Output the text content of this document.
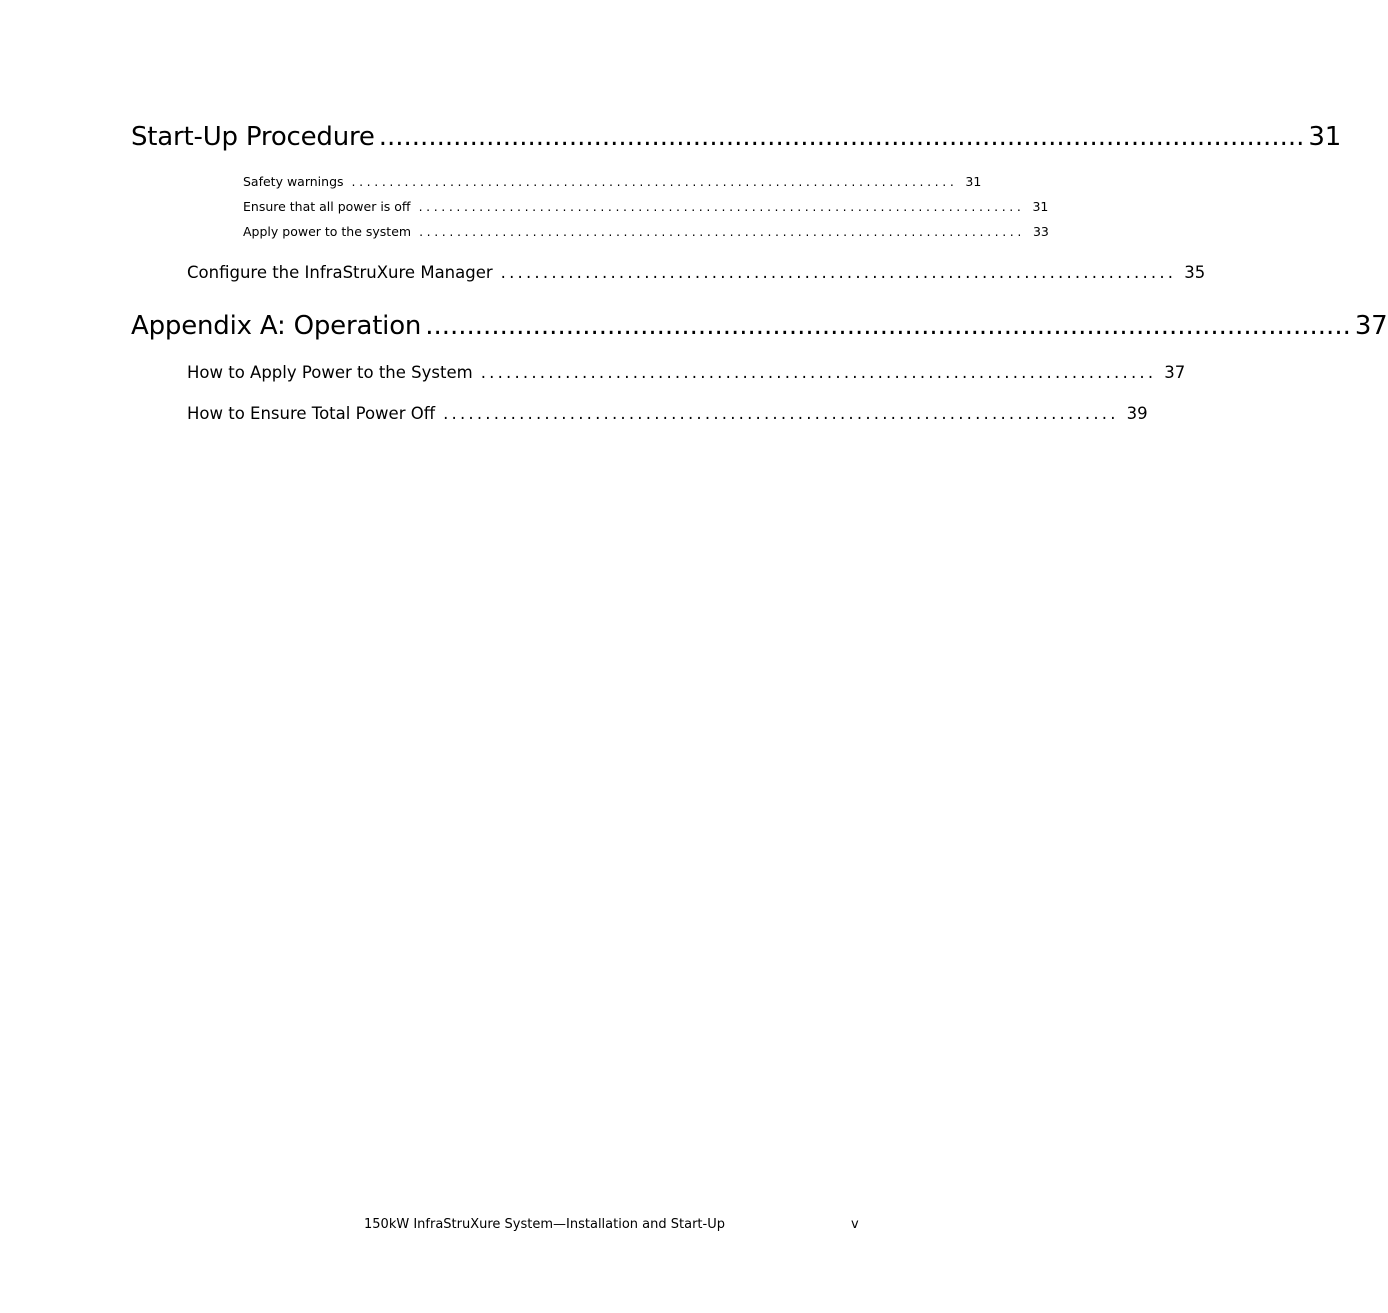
Start-Up Procedure ................................................................................................................ 31
Safety warnings ................................................................................ 31
Ensure that all power is off ................................................................................ 31
Apply power to the system ................................................................................ 33
Configure the InfraStruXure Manager ................................................................................ 35
Appendix A: Operation ................................................................................................................ 37
How to Apply Power to the System ................................................................................ 37
How to Ensure Total Power Off ................................................................................ 39
150kW InfraStruXure System—Installation and Start-Up	v
